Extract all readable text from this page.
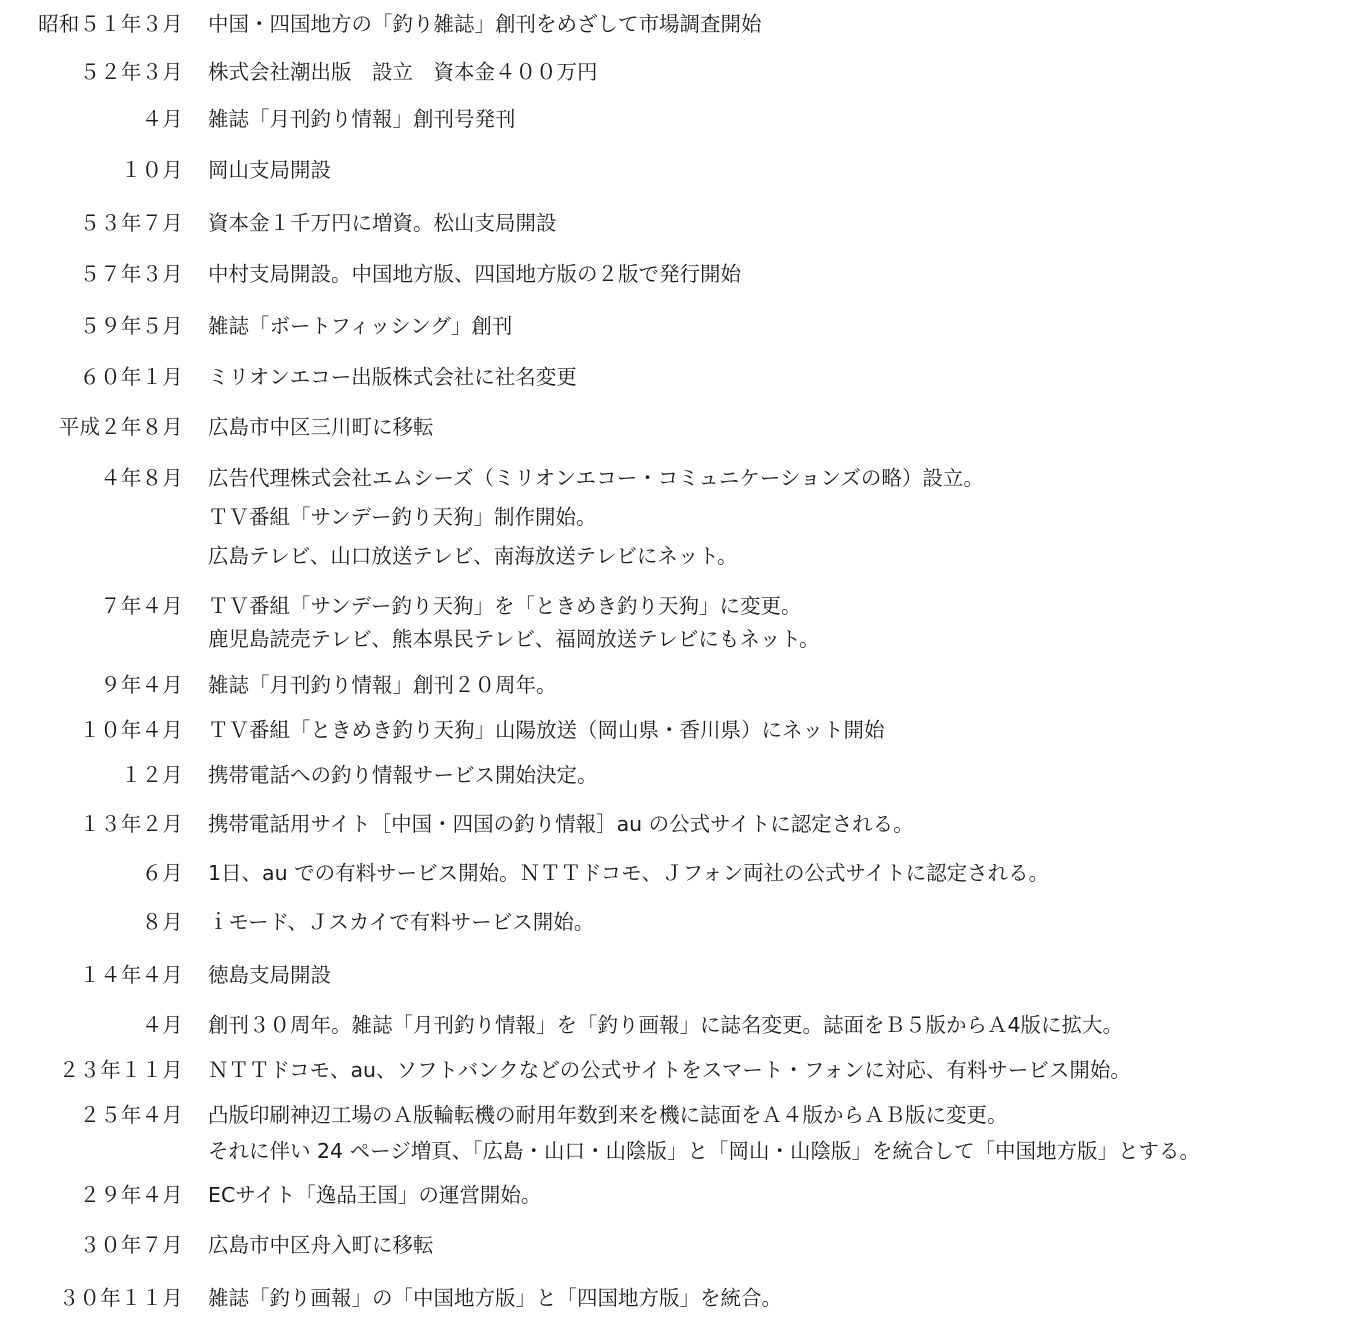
昭和５１年３月 中国・四国地方の「釣り雑誌」創刊をめざして市場調査開始
５２年３月 株式会社潮出版　設立　資本金４００万円
４月 雑誌「月刊釣り情報」創刊号発刊
１０月 岡山支局開設
５３年７月 資本金１千万円に増資。松山支局開設
５７年３月 中村支局開設。中国地方版、四国地方版の２版で発行開始
５９年５月 雑誌「ボートフィッシング」創刊
６０年１月 ミリオンエコー出版株式会社に社名変更
平成２年８月 広島市中区三川町に移転
４年８月 広告代理株式会社エムシーズ（ミリオンエコー・コミュニケーションズの略）設立。
ＴＶ番組「サンデー釣り天狗」制作開始。
広島テレビ、山口放送テレビ、南海放送テレビにネット。
７年４月 ＴＶ番組「サンデー釣り天狗」を「ときめき釣り天狗」に変更。
鹿児島読売テレビ、熊本県民テレビ、福岡放送テレビにもネット。
９年４月 雑誌「月刊釣り情報」創刊２０周年。
１０年４月 ＴＶ番組「ときめき釣り天狗」山陽放送（岡山県・香川県）にネット開始
１２月 携帯電話への釣り情報サービス開始決定。
１３年２月 携帯電話用サイト［中国・四国の釣り情報］au の公式サイトに認定される。
６月 1日、au での有料サービス開始。ＮＴＴドコモ、Ｊフォン両社の公式サイトに認定される。
８月 ｉモード、Ｊスカイで有料サービス開始。
１４年４月 徳島支局開設
４月 創刊３０周年。雑誌「月刊釣り情報」を「釣り画報」に誌名変更。誌面をＢ５版からＡ4版に拡大。
２３年１１月 ＮＴＴドコモ、au、ソフトバンクなどの公式サイトをスマート・フォンに対応、有料サービス開始。
２５年４月 凸版印刷神辺工場のＡ版輪転機の耐用年数到来を機に誌面をＡ４版からＡＢ版に変更。
それに伴い 24 ページ増頁、「広島・山口・山陰版」と「岡山・山陰版」を統合して「中国地方版」とする。
２９年４月 ECサイト「逸品王国」の運営開始。
３０年７月 広島市中区舟入町に移転
３０年１１月 雑誌「釣り画報」の「中国地方版」と「四国地方版」を統合。
